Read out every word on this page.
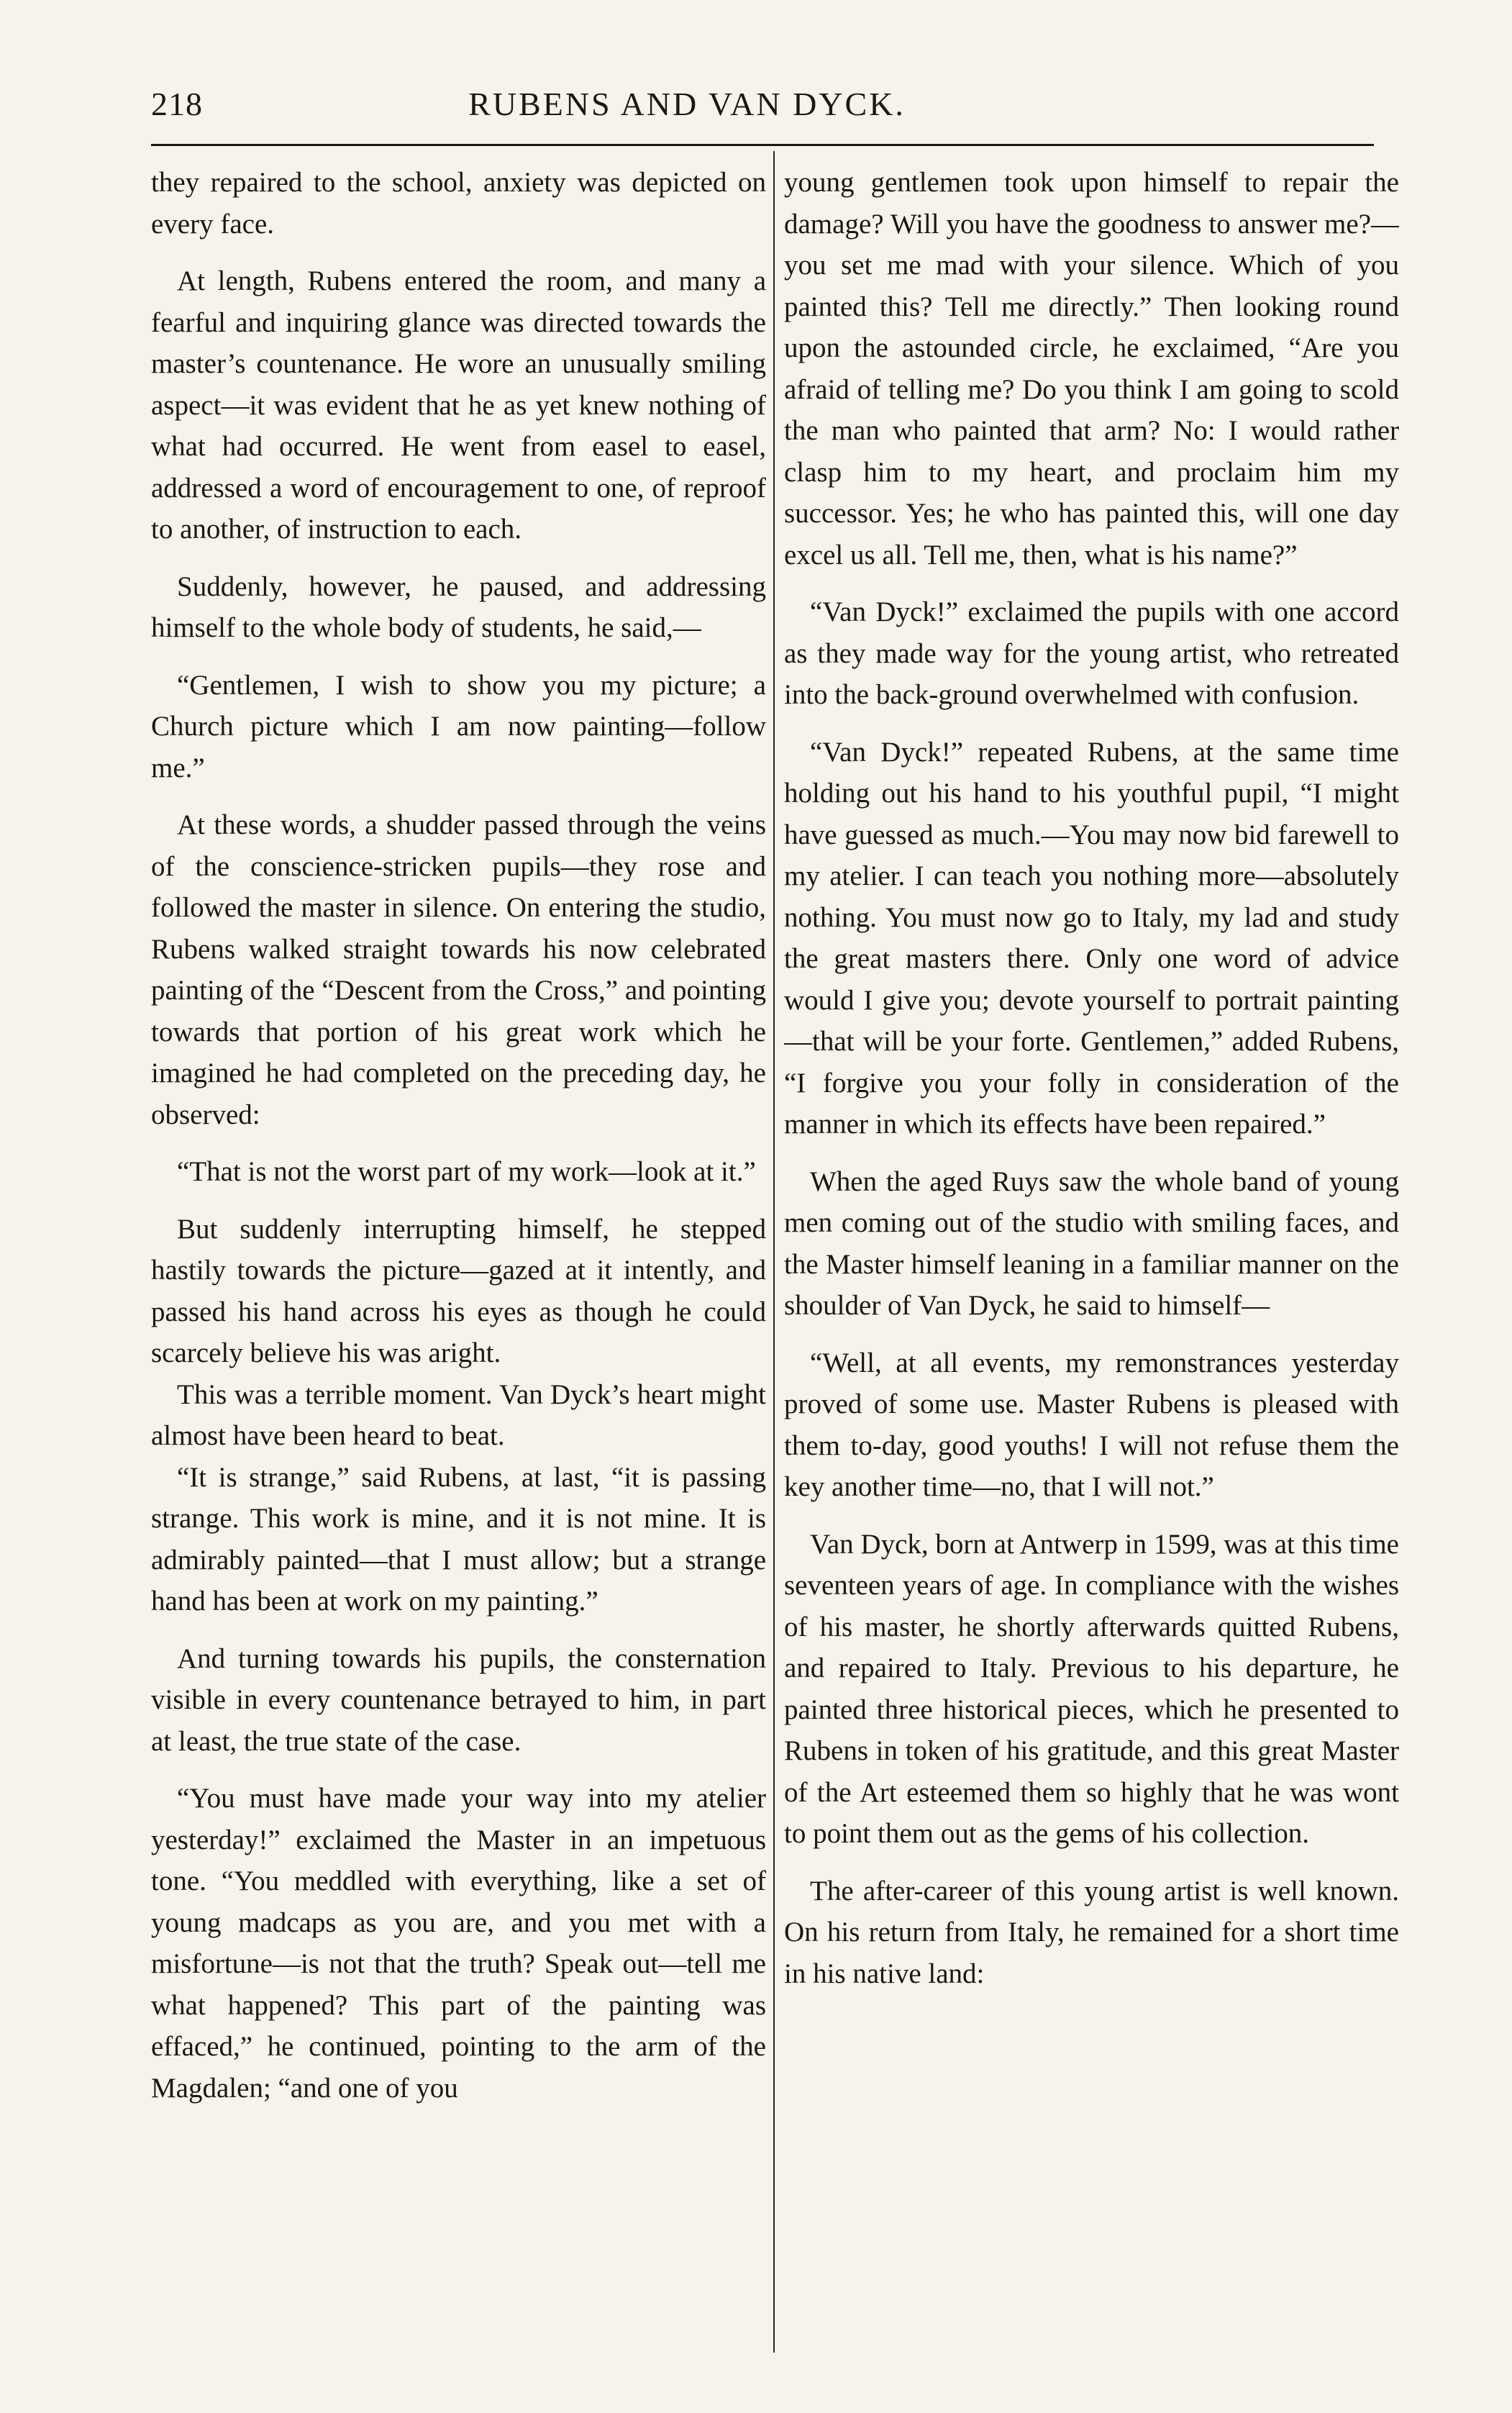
218	RUBENS AND VAN DYCK.

they repaired to the school, anxiety was depicted on every face.

At length, Rubens entered the room, and many a fearful and inquiring glance was directed towards the master’s countenance. He wore an unusually smiling aspect—it was evident that he as yet knew nothing of what had occurred. He went from easel to easel, addressed a word of encouragement to one, of reproof to another, of instruction to each.

Suddenly, however, he paused, and addressing himself to the whole body of students, he said,—

“Gentlemen, I wish to show you my picture; a Church picture which I am now painting—follow me.”

At these words, a shudder passed through the veins of the conscience-stricken pupils—they rose and followed the master in silence. On entering the studio, Rubens walked straight towards his now celebrated painting of the “Descent from the Cross,” and pointing towards that portion of his great work which he imagined he had completed on the preceding day, he observed:

“That is not the worst part of my work—look at it.”

But suddenly interrupting himself, he stepped hastily towards the picture—gazed at it intently, and passed his hand across his eyes as though he could scarcely believe his was aright.

This was a terrible moment. Van Dyck’s heart might almost have been heard to beat.

“It is strange,” said Rubens, at last, “it is passing strange. This work is mine, and it is not mine. It is admirably painted—that I must allow; but a strange hand has been at work on my painting.”

And turning towards his pupils, the consternation visible in every countenance betrayed to him, in part at least, the true state of the case.

“You must have made your way into my atelier yesterday!” exclaimed the Master in an impetuous tone. “You meddled with everything, like a set of young madcaps as you are, and you met with a misfortune—is not that the truth? Speak out—tell me what happened? This part of the painting was effaced,” he continued, pointing to the arm of the Magdalen; “and one of you

young gentlemen took upon himself to repair the damage? Will you have the goodness to answer me?—you set me mad with your silence. Which of you painted this? Tell me directly.” Then looking round upon the astounded circle, he exclaimed, “Are you afraid of telling me? Do you think I am going to scold the man who painted that arm? No: I would rather clasp him to my heart, and proclaim him my successor. Yes; he who has painted this, will one day excel us all. Tell me, then, what is his name?”

“Van Dyck!” exclaimed the pupils with one accord as they made way for the young artist, who retreated into the back-ground overwhelmed with confusion.

“Van Dyck!” repeated Rubens, at the same time holding out his hand to his youthful pupil, “I might have guessed as much.—You may now bid farewell to my atelier. I can teach you nothing more—absolutely nothing. You must now go to Italy, my lad and study the great masters there. Only one word of advice would I give you; devote yourself to portrait painting—that will be your forte. Gentlemen,” added Rubens, “I forgive you your folly in consideration of the manner in which its effects have been repaired.”

When the aged Ruys saw the whole band of young men coming out of the studio with smiling faces, and the Master himself leaning in a familiar manner on the shoulder of Van Dyck, he said to himself—

“Well, at all events, my remonstrances yesterday proved of some use. Master Rubens is pleased with them to-day, good youths! I will not refuse them the key another time—no, that I will not.”

Van Dyck, born at Antwerp in 1599, was at this time seventeen years of age. In compliance with the wishes of his master, he shortly afterwards quitted Rubens, and repaired to Italy. Previous to his departure, he painted three historical pieces, which he presented to Rubens in token of his gratitude, and this great Master of the Art esteemed them so highly that he was wont to point them out as the gems of his collection.

The after-career of this young artist is well known. On his return from Italy, he remained for a short time in his native land:
